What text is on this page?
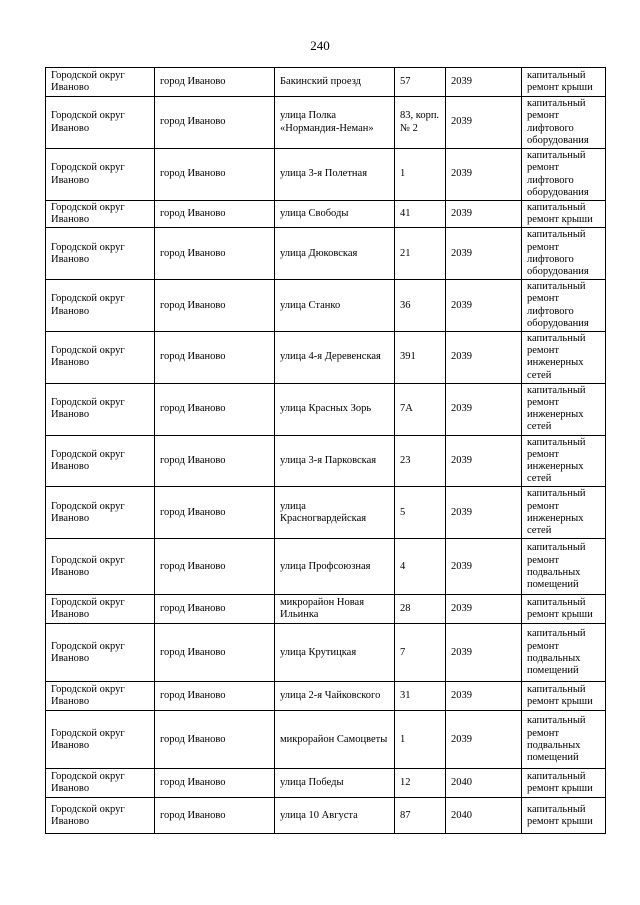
240
Городской округ Иваново	город Иваново	Бакинский проезд	57	2039	капитальный ремонт крыши
Городской округ Иваново	город Иваново	улица Полка «Нормандия-Неман»	83, корп. № 2	2039	капитальный ремонт лифтового оборудования
Городской округ Иваново	город Иваново	улица 3-я Полетная	1	2039	капитальный ремонт лифтового оборудования
Городской округ Иваново	город Иваново	улица Свободы	41	2039	капитальный ремонт крыши
Городской округ Иваново	город Иваново	улица Дюковская	21	2039	капитальный ремонт лифтового оборудования
Городской округ Иваново	город Иваново	улица Станко	36	2039	капитальный ремонт лифтового оборудования
Городской округ Иваново	город Иваново	улица 4-я Деревенская	391	2039	капитальный ремонт инженерных сетей
Городской округ Иваново	город Иваново	улица Красных Зорь	7А	2039	капитальный ремонт инженерных сетей
Городской округ Иваново	город Иваново	улица 3-я Парковская	23	2039	капитальный ремонт инженерных сетей
Городской округ Иваново	город Иваново	улица Красногвардейская	5	2039	капитальный ремонт инженерных сетей
Городской округ Иваново	город Иваново	улица Профсоюзная	4	2039	капитальный ремонт подвальных помещений
Городской округ Иваново	город Иваново	микрорайон Новая Ильинка	28	2039	капитальный ремонт крыши
Городской округ Иваново	город Иваново	улица Крутицкая	7	2039	капитальный ремонт подвальных помещений
Городской округ Иваново	город Иваново	улица 2-я Чайковского	31	2039	капитальный ремонт крыши
Городской округ Иваново	город Иваново	микрорайон Самоцветы	1	2039	капитальный ремонт подвальных помещений
Городской округ Иваново	город Иваново	улица Победы	12	2040	капитальный ремонт крыши
Городской округ Иваново	город Иваново	улица 10 Августа	87	2040	капитальный ремонт крыши
